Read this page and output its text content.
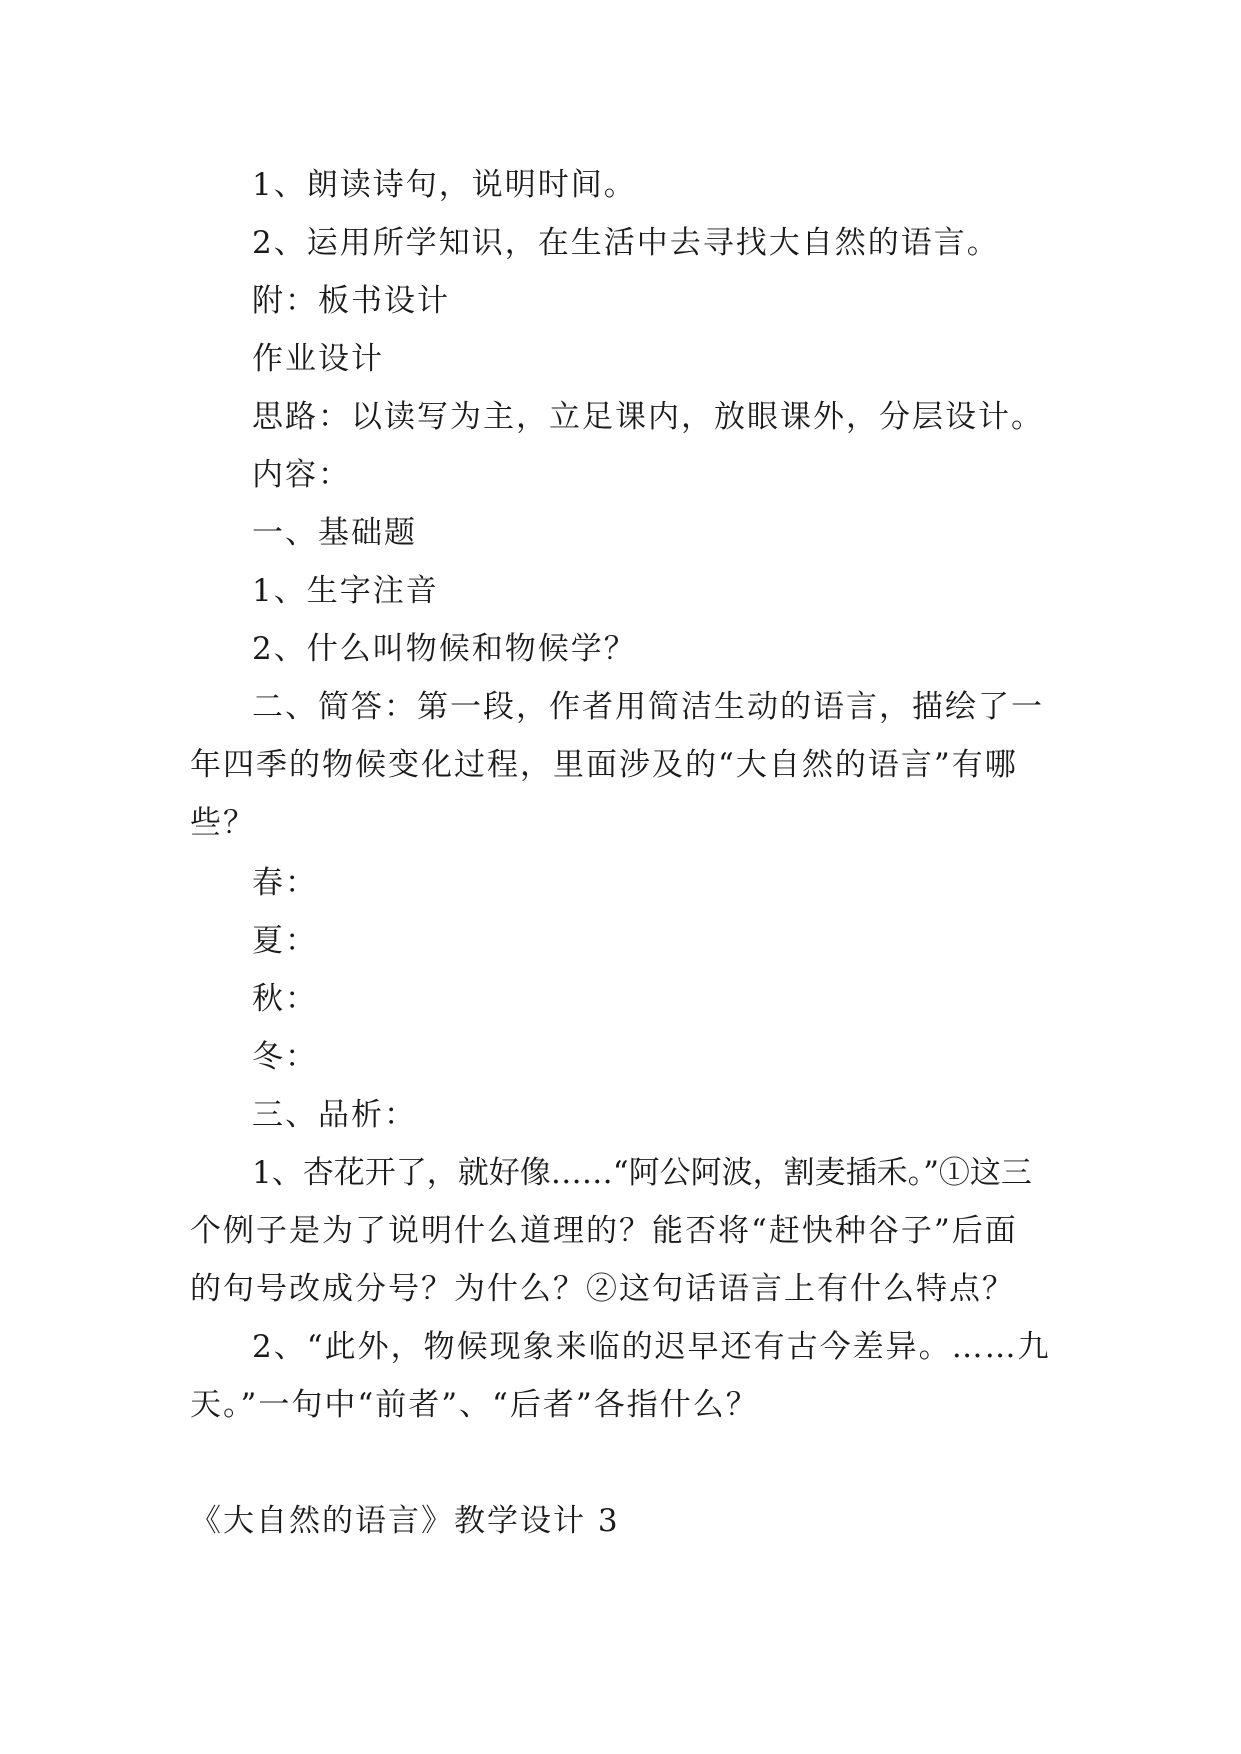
1、朗读诗句，说明时间。
2、运用所学知识，在生活中去寻找大自然的语言。
附：板书设计
作业设计
思路：以读写为主，立足课内，放眼课外，分层设计。
内容：
一、基础题
1、生字注音
2、什么叫物候和物候学？
二、简答：第一段，作者用简洁生动的语言，描绘了一
年四季的物候变化过程，里面涉及的“大自然的语言”有哪
些？
春：
夏：
秋：
冬：
三、品析：
1、杏花开了，就好像……“阿公阿波，割麦插禾。”①这三
个例子是为了说明什么道理的？能否将“赶快种谷子”后面
的句号改成分号？为什么？②这句话语言上有什么特点？
2、“此外，物候现象来临的迟早还有古今差异。……九
天。”一句中“前者”、“后者”各指什么？
《大自然的语言》教学设计 3
